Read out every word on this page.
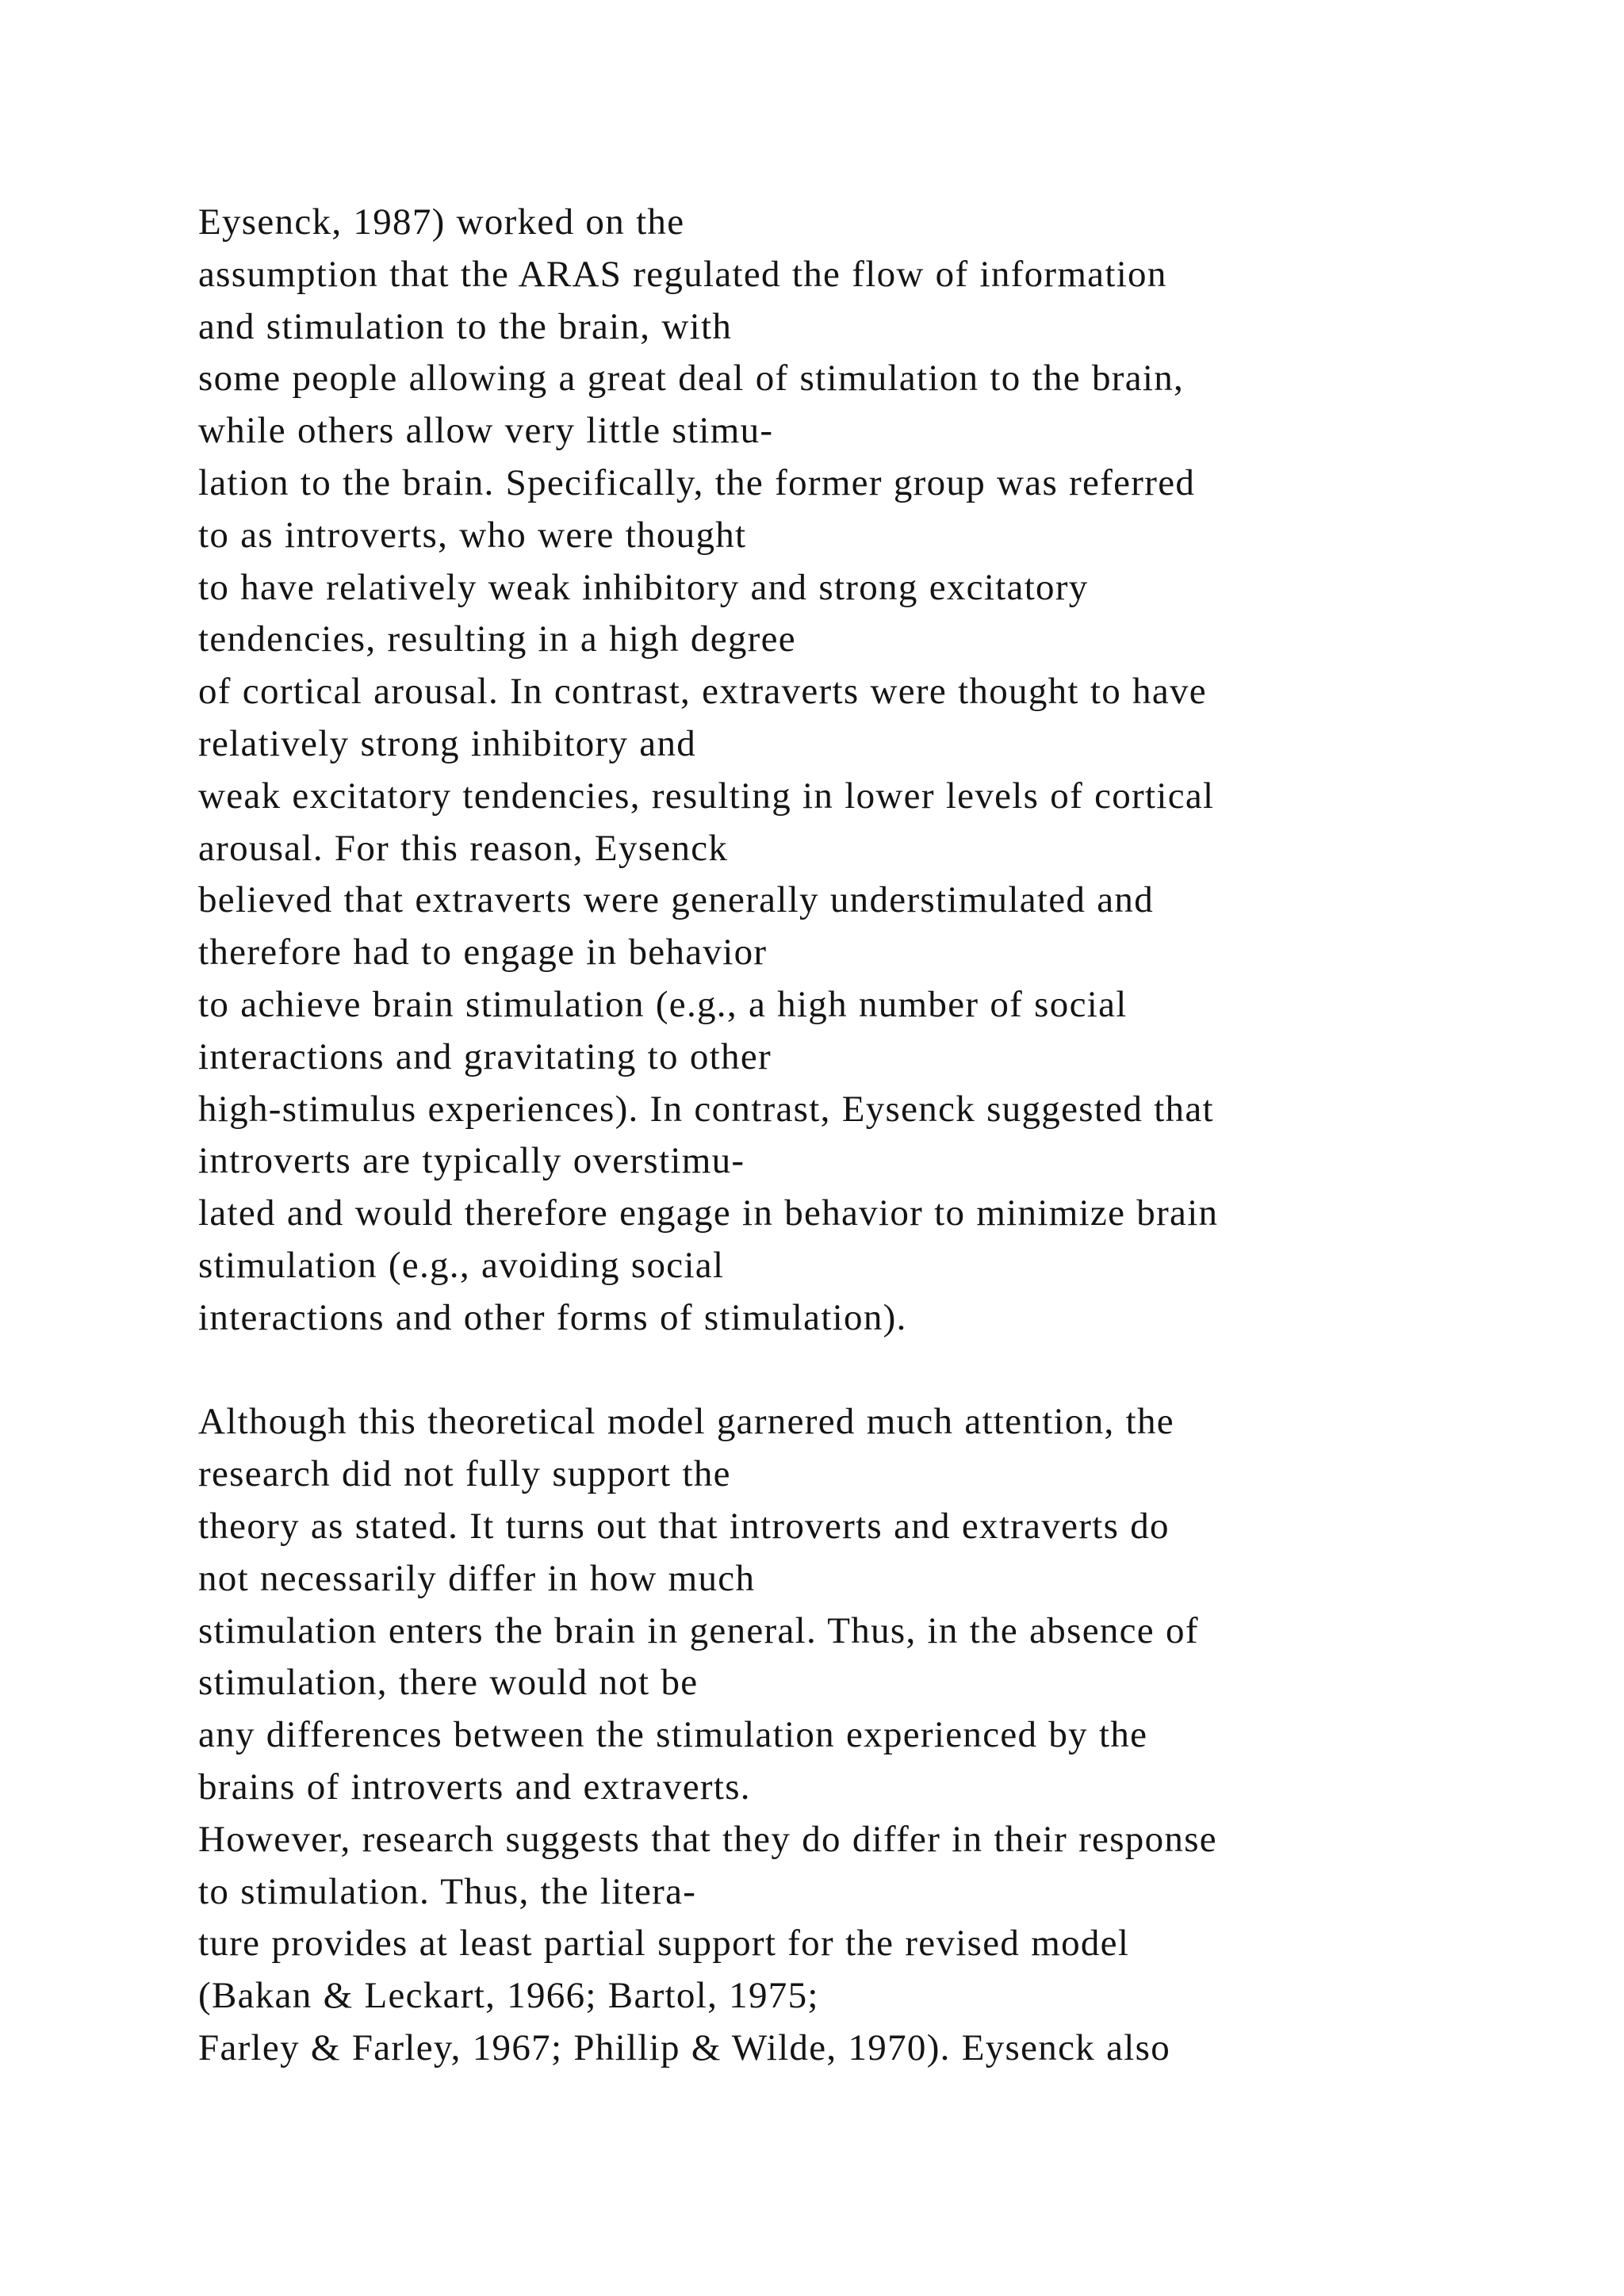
Eysenck, 1987) worked on the
assumption that the ARAS regulated the flow of information
and stimulation to the brain, with
some people allowing a great deal of stimulation to the brain,
while others allow very little stimu-
lation to the brain. Specifically, the former group was referred
to as introverts, who were thought
to have relatively weak inhibitory and strong excitatory
tendencies, resulting in a high degree
of cortical arousal. In contrast, extraverts were thought to have
relatively strong inhibitory and
weak excitatory tendencies, resulting in lower levels of cortical
arousal. For this reason, Eysenck
believed that extraverts were generally understimulated and
therefore had to engage in behavior
to achieve brain stimulation (e.g., a high number of social
interactions and gravitating to other
high-stimulus experiences). In contrast, Eysenck suggested that
introverts are typically overstimu-
lated and would therefore engage in behavior to minimize brain
stimulation (e.g., avoiding social
interactions and other forms of stimulation).
Although this theoretical model garnered much attention, the
research did not fully support the
theory as stated. It turns out that introverts and extraverts do
not necessarily differ in how much
stimulation enters the brain in general. Thus, in the absence of
stimulation, there would not be
any differences between the stimulation experienced by the
brains of introverts and extraverts.
However, research suggests that they do differ in their response
to stimulation. Thus, the litera-
ture provides at least partial support for the revised model
(Bakan & Leckart, 1966; Bartol, 1975;
Farley & Farley, 1967; Phillip & Wilde, 1970). Eysenck also
